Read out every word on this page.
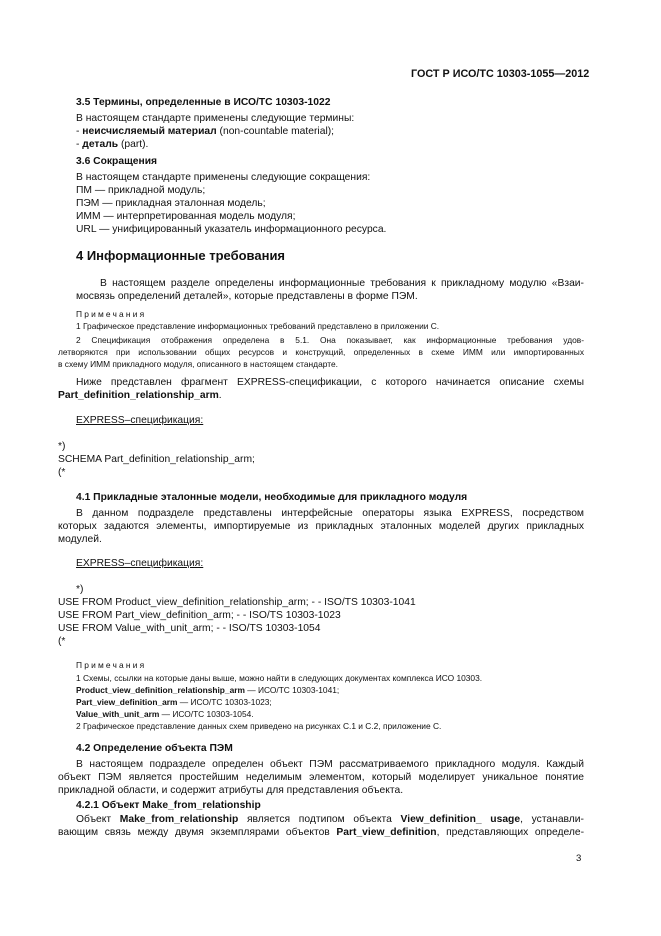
ГОСТ Р ИСО/ТС 10303-1055—2012
3.5 Термины, определенные в ИСО/ТС 10303-1022
В настоящем стандарте применены следующие термины:
- неисчисляемый материал (non-countable material);
- деталь (part).
3.6 Сокращения
В настоящем стандарте применены следующие сокращения:
ПМ — прикладной модуль;
ПЭМ — прикладная эталонная модель;
ИММ — интерпретированная модель модуля;
URL — унифицированный указатель информационного ресурса.
4 Информационные требования
В настоящем разделе определены информационные требования к прикладному модулю «Взаи-
мосвязь определений деталей», которые представлены в форме ПЭМ.
Примечания
1 Графическое представление информационных требований представлено в приложении С.
2 Спецификация отображения определена в 5.1. Она показывает, как информационные требования удов-
летворяются при использовании общих ресурсов и конструкций, определенных в схеме ИММ или импортированных
в схему ИММ прикладного модуля, описанного в настоящем стандарте.
Ниже представлен фрагмент EXPRESS-спецификации, с которого начинается описание схемы
Part_definition_relationship_arm.
EXPRESS–спецификация:
*)
SCHEMA Part_definition_relationship_arm;
(*
4.1 Прикладные эталонные модели, необходимые для прикладного модуля
В данном подразделе представлены интерфейсные операторы языка EXPRESS, посредством
которых задаются элементы, импортируемые из прикладных эталонных моделей других прикладных
модулей.
EXPRESS–спецификация:
*)
USE FROM Product_view_definition_relationship_arm; - - ISO/TS 10303-1041
USE FROM Part_view_definition_arm; - - ISO/TS 10303-1023
USE FROM Value_with_unit_arm; - - ISO/TS 10303-1054
(*
Примечания
1 Схемы, ссылки на которые даны выше, можно найти в следующих документах комплекса ИСО 10303.
Product_view_definition_relationship_arm — ИСО/ТС 10303-1041;
Part_view_definition_arm — ИСО/ТС 10303-1023;
Value_with_unit_arm — ИСО/ТС 10303-1054.
2 Графическое представление данных схем приведено на рисунках С.1 и С.2, приложение С.
4.2 Определение объекта ПЭМ
В настоящем подразделе определен объект ПЭМ рассматриваемого прикладного модуля. Каждый
объект ПЭМ является простейшим неделимым элементом, который моделирует уникальное понятие
прикладной области, и содержит атрибуты для представления объекта.
4.2.1 Объект Make_from_relationship
Объект Make_from_relationship является подтипом объекта View_definition_ usage, устанавли-
вающим связь между двумя экземплярами объектов Part_view_definition, представляющих определе-
3
